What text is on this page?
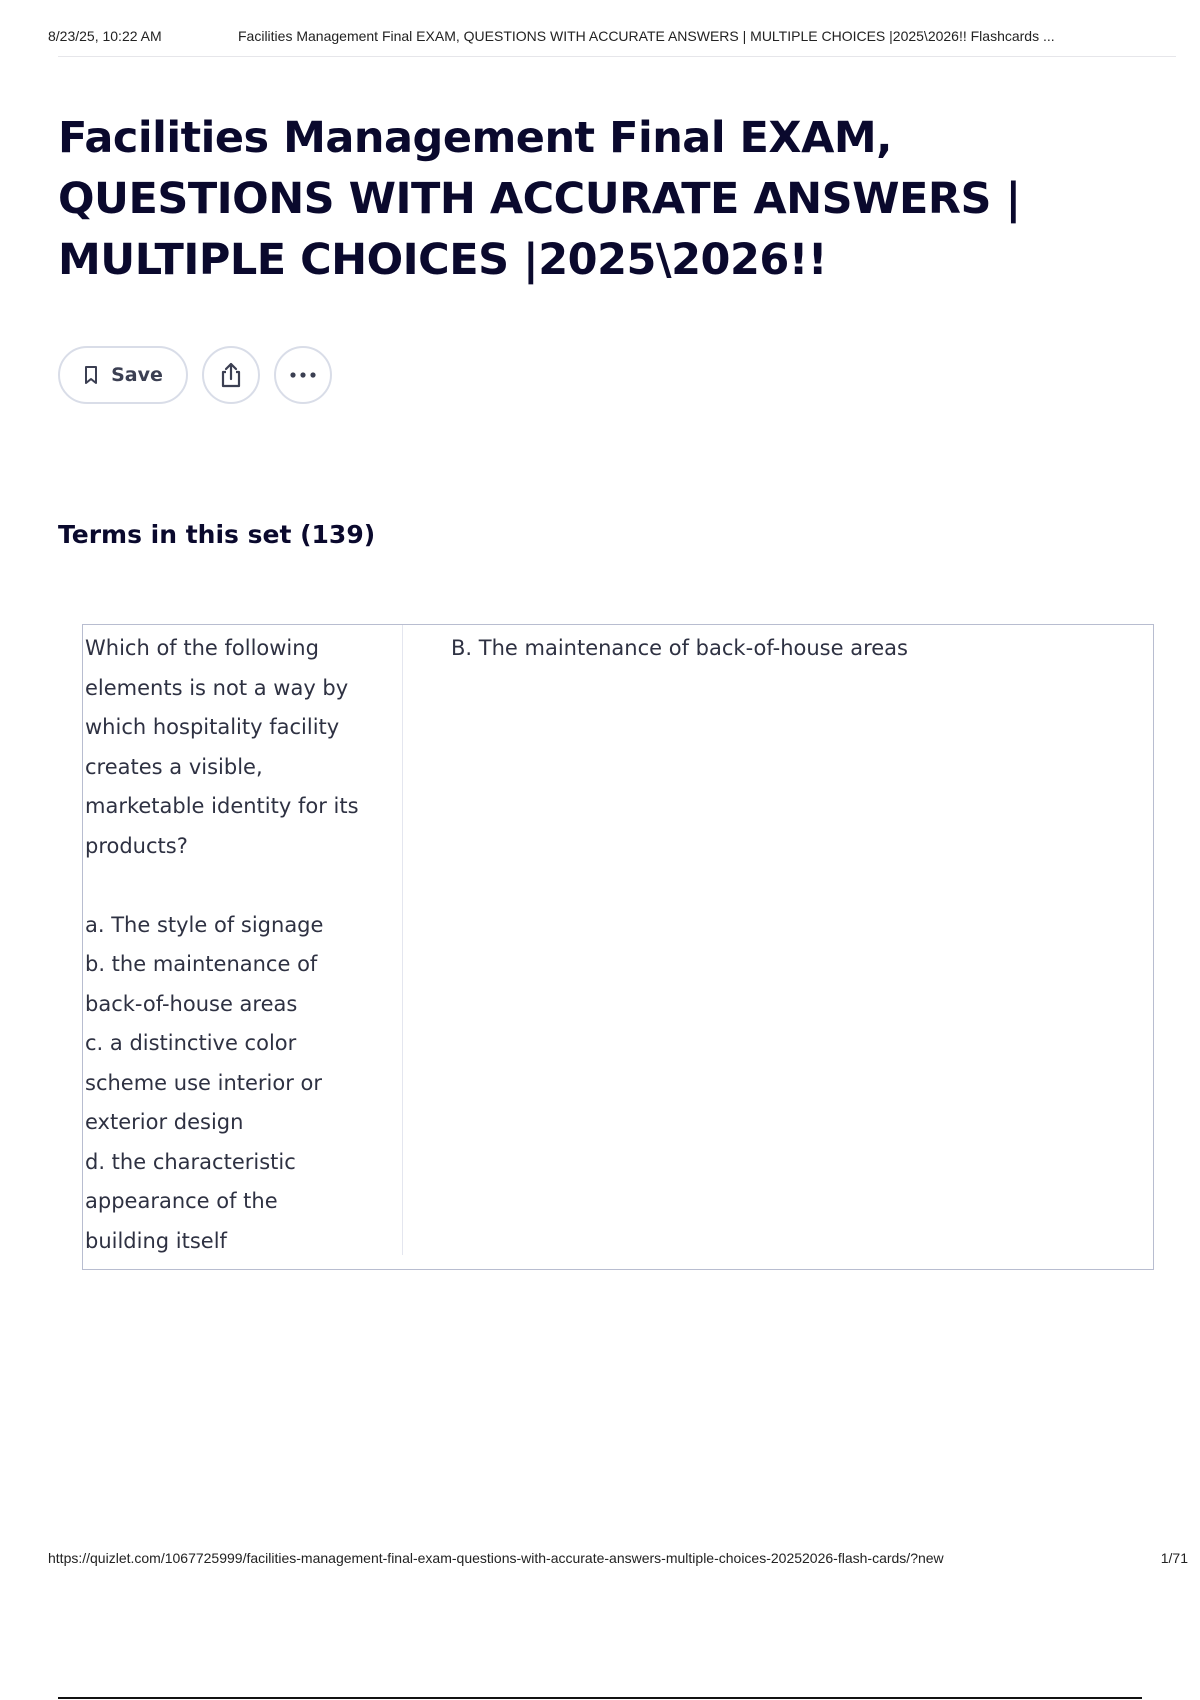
8/23/25, 10:22 AM	Facilities Management Final EXAM, QUESTIONS WITH ACCURATE ANSWERS | MULTIPLE CHOICES |2025\2026!! Flashcards ...
Facilities Management Final EXAM, QUESTIONS WITH ACCURATE ANSWERS | MULTIPLE CHOICES |2025\2026!!
Save
Terms in this set (139)
Which of the following
elements is not a way by
which hospitality facility
creates a visible,
marketable identity for its
products?
a. The style of signage
b. the maintenance of
back-of-house areas
c. a distinctive color
scheme use interior or
exterior design
d. the characteristic
appearance of the
building itself
B. The maintenance of back-of-house areas
https://quizlet.com/1067725999/facilities-management-final-exam-questions-with-accurate-answers-multiple-choices-20252026-flash-cards/?new	1/71
